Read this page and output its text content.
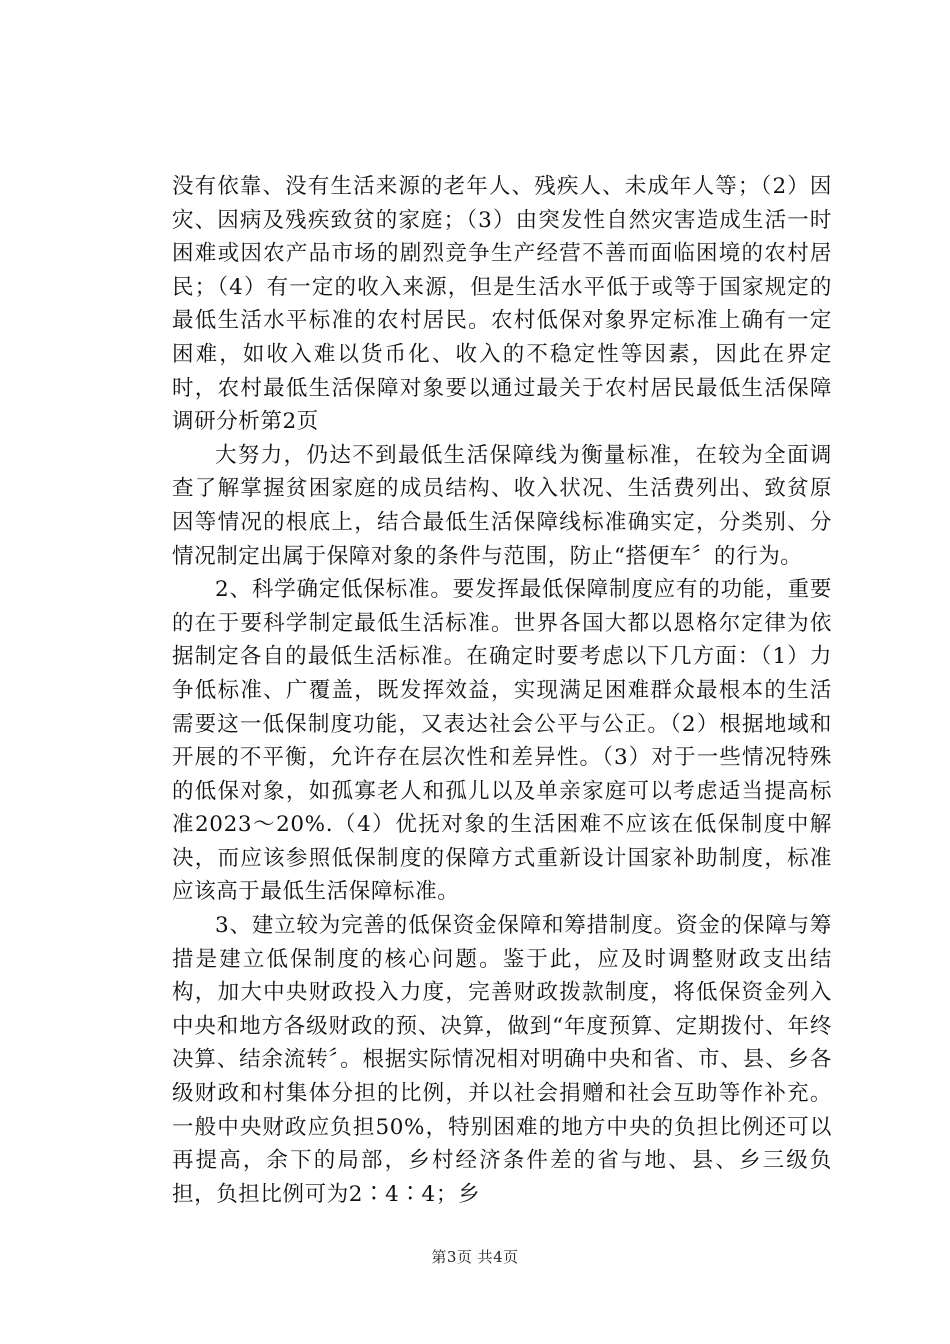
没有依靠、没有生活来源的老年人、残疾人、未成年人等；（2）因灾、因病及残疾致贫的家庭；（3）由突发性自然灾害造成生活一时困难或因农产品市场的剧烈竞争生产经营不善而面临困境的农村居民；（4）有一定的收入来源，但是生活水平低于或等于国家规定的最低生活水平标准的农村居民。农村低保对象界定标准上确有一定困难，如收入难以货币化、收入的不稳定性等因素，因此在界定时，农村最低生活保障对象要以通过最关于农村居民最低生活保障调研分析第2页

大努力，仍达不到最低生活保障线为衡量标准，在较为全面调查了解掌握贫困家庭的成员结构、收入状况、生活费列出、致贫原因等情况的根底上，结合最低生活保障线标准确实定，分类别、分情况制定出属于保障对象的条件与范围，防止“搭便车〞的行为。

2、科学确定低保标准。要发挥最低保障制度应有的功能，重要的在于要科学制定最低生活标准。世界各国大都以恩格尔定律为依据制定各自的最低生活标准。在确定时要考虑以下几方面：（1）力争低标准、广覆盖，既发挥效益，实现满足困难群众最根本的生活需要这一低保制度功能，又表达社会公平与公正。（2）根据地域和开展的不平衡，允许存在层次性和差异性。（3）对于一些情况特殊的低保对象，如孤寡老人和孤儿以及单亲家庭可以考虑适当提高标准2023～20%.（4）优抚对象的生活困难不应该在低保制度中解决，而应该参照低保制度的保障方式重新设计国家补助制度，标准应该高于最低生活保障标准。

3、建立较为完善的低保资金保障和筹措制度。资金的保障与筹措是建立低保制度的核心问题。鉴于此，应及时调整财政支出结构，加大中央财政投入力度，完善财政拨款制度，将低保资金列入中央和地方各级财政的预、决算，做到“年度预算、定期拨付、年终决算、结余流转〞。根据实际情况相对明确中央和省、市、县、乡各级财政和村集体分担的比例，并以社会捐赠和社会互助等作补充。一般中央财政应负担50%，特别困难的地方中央的负担比例还可以再提高，余下的局部，乡村经济条件差的省与地、县、乡三级负担，负担比例可为2∶4∶4；乡

第3页 共4页
